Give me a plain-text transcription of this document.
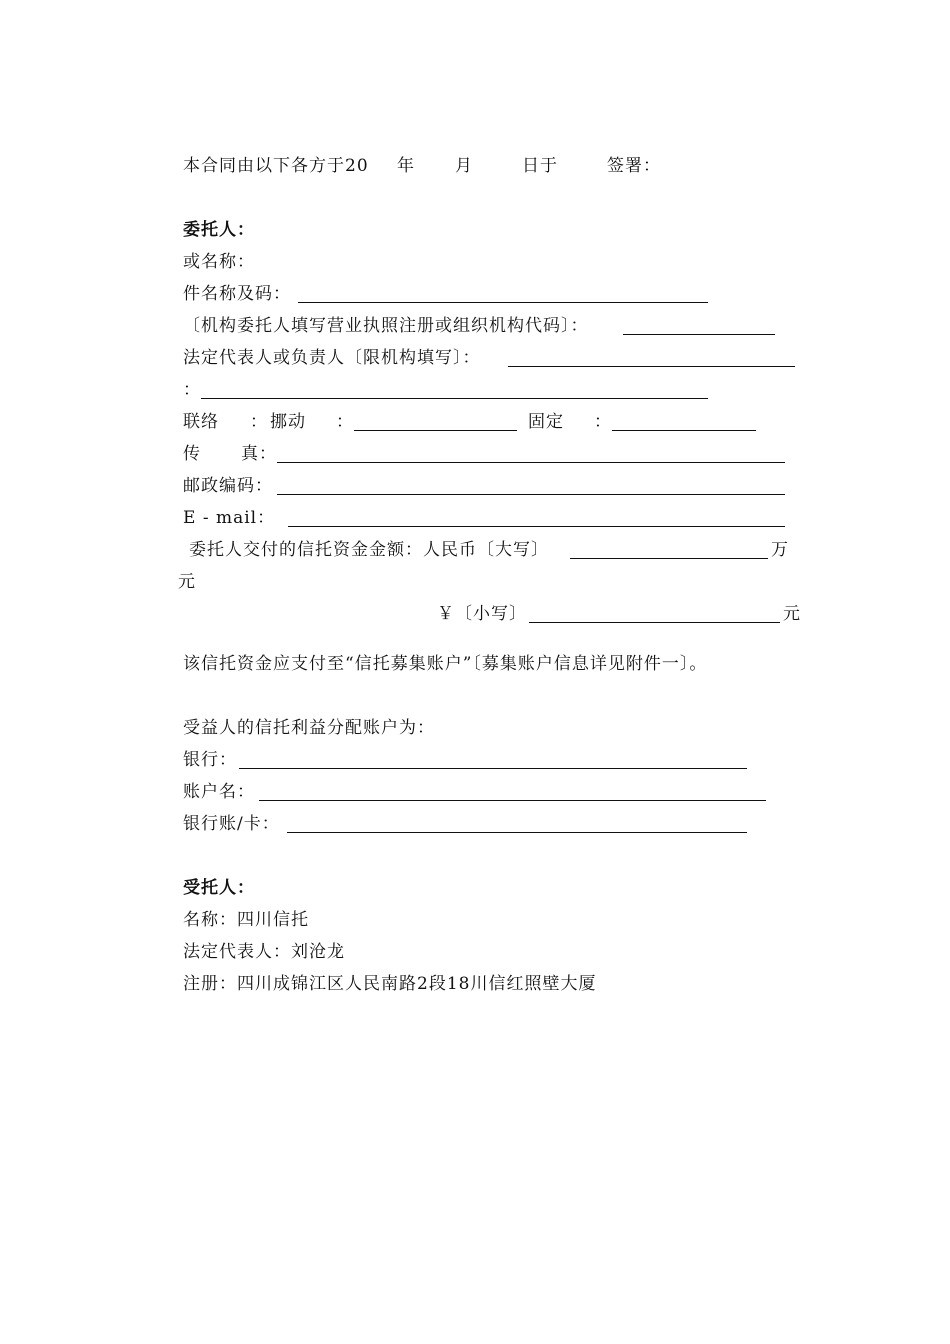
本合同由以下各方于20 年 月	日于	签署：
委托人：
或名称：
件名称及码：
〔机构委托人填写营业执照注册或组织机构代码〕：
法定代表人或负责人〔限机构填写〕：
：
联络 ： 挪动 ：	固定 ：
传 真：
邮政编码：
E - mail：
委托人交付的信托资金金额：人民币〔大写〕	万
元
￥〔小写〕	元
该信托资金应支付至“信托募集账户”〔募集账户信息详见附件一〕。
受益人的信托利益分配账户为：
银行：
账户名：
银行账/卡：
受托人：
名称：四川信托
法定代表人：刘沧龙
注册：四川成锦江区人民南路2段18川信红照壁大厦
